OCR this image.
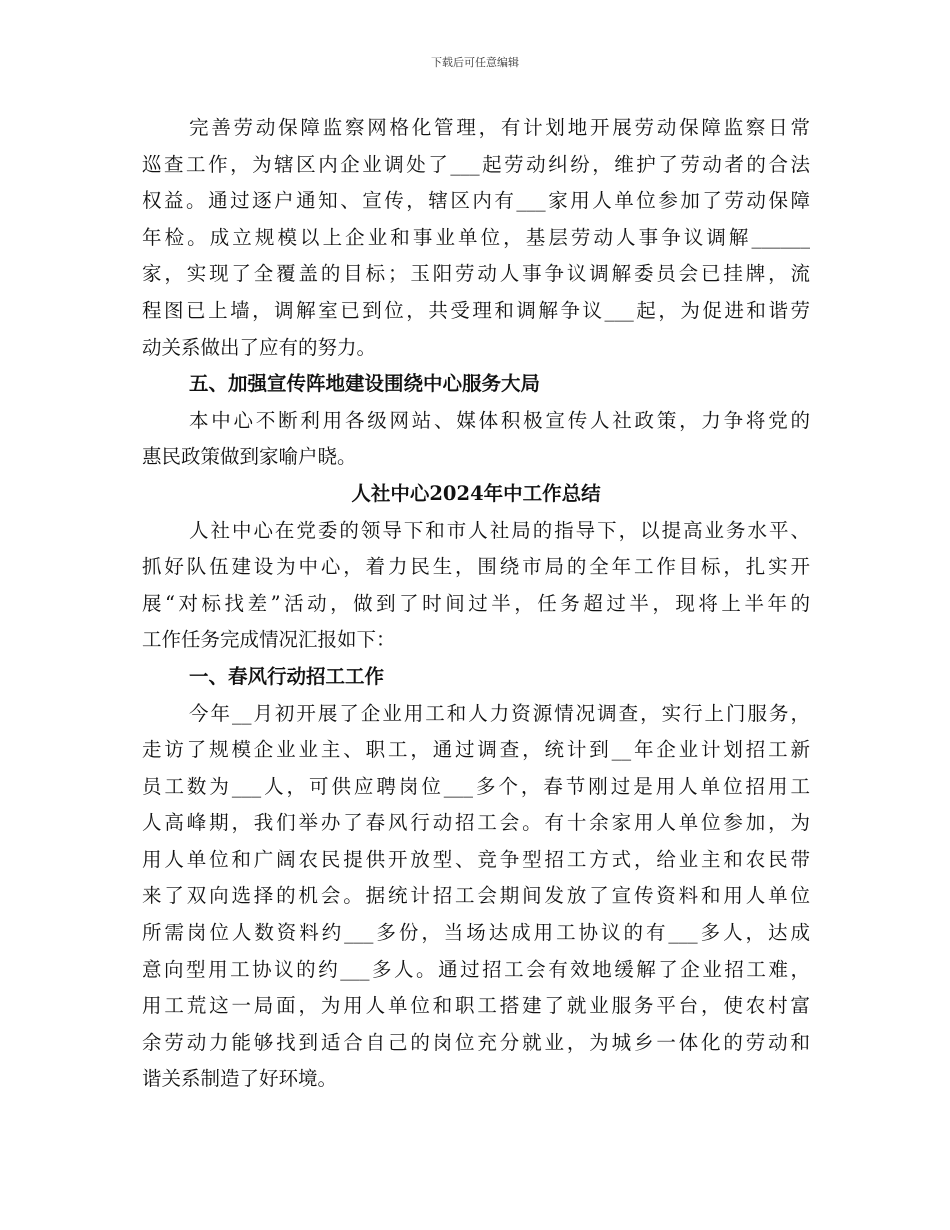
下载后可任意编辑
完善劳动保障监察网格化管理，有计划地开展劳动保障监察日常
巡查工作，为辖区内企业调处了___起劳动纠纷，维护了劳动者的合法
权益。通过逐户通知、宣传，辖区内有___家用人单位参加了劳动保障
年检。成立规模以上企业和事业单位，基层劳动人事争议调解______
家，实现了全覆盖的目标；玉阳劳动人事争议调解委员会已挂牌，流
程图已上墙，调解室已到位，共受理和调解争议___起，为促进和谐劳
动关系做出了应有的努力。
五、加强宣传阵地建设围绕中心服务大局
本中心不断利用各级网站、媒体积极宣传人社政策，力争将党的
惠民政策做到家喻户晓。
人社中心2024年中工作总结
人社中心在党委的领导下和市人社局的指导下，以提高业务水平、
抓好队伍建设为中心，着力民生，围绕市局的全年工作目标，扎实开
展“对标找差”活动，做到了时间过半，任务超过半，现将上半年的
工作任务完成情况汇报如下：
一、春风行动招工工作
今年__月初开展了企业用工和人力资源情况调查，实行上门服务，
走访了规模企业业主、职工，通过调查，统计到__年企业计划招工新
员工数为___人，可供应聘岗位___多个，春节刚过是用人单位招用工
人高峰期，我们举办了春风行动招工会。有十余家用人单位参加，为
用人单位和广阔农民提供开放型、竞争型招工方式，给业主和农民带
来了双向选择的机会。据统计招工会期间发放了宣传资料和用人单位
所需岗位人数资料约___多份，当场达成用工协议的有___多人，达成
意向型用工协议的约___多人。通过招工会有效地缓解了企业招工难，
用工荒这一局面，为用人单位和职工搭建了就业服务平台，使农村富
余劳动力能够找到适合自己的岗位充分就业，为城乡一体化的劳动和
谐关系制造了好环境。
